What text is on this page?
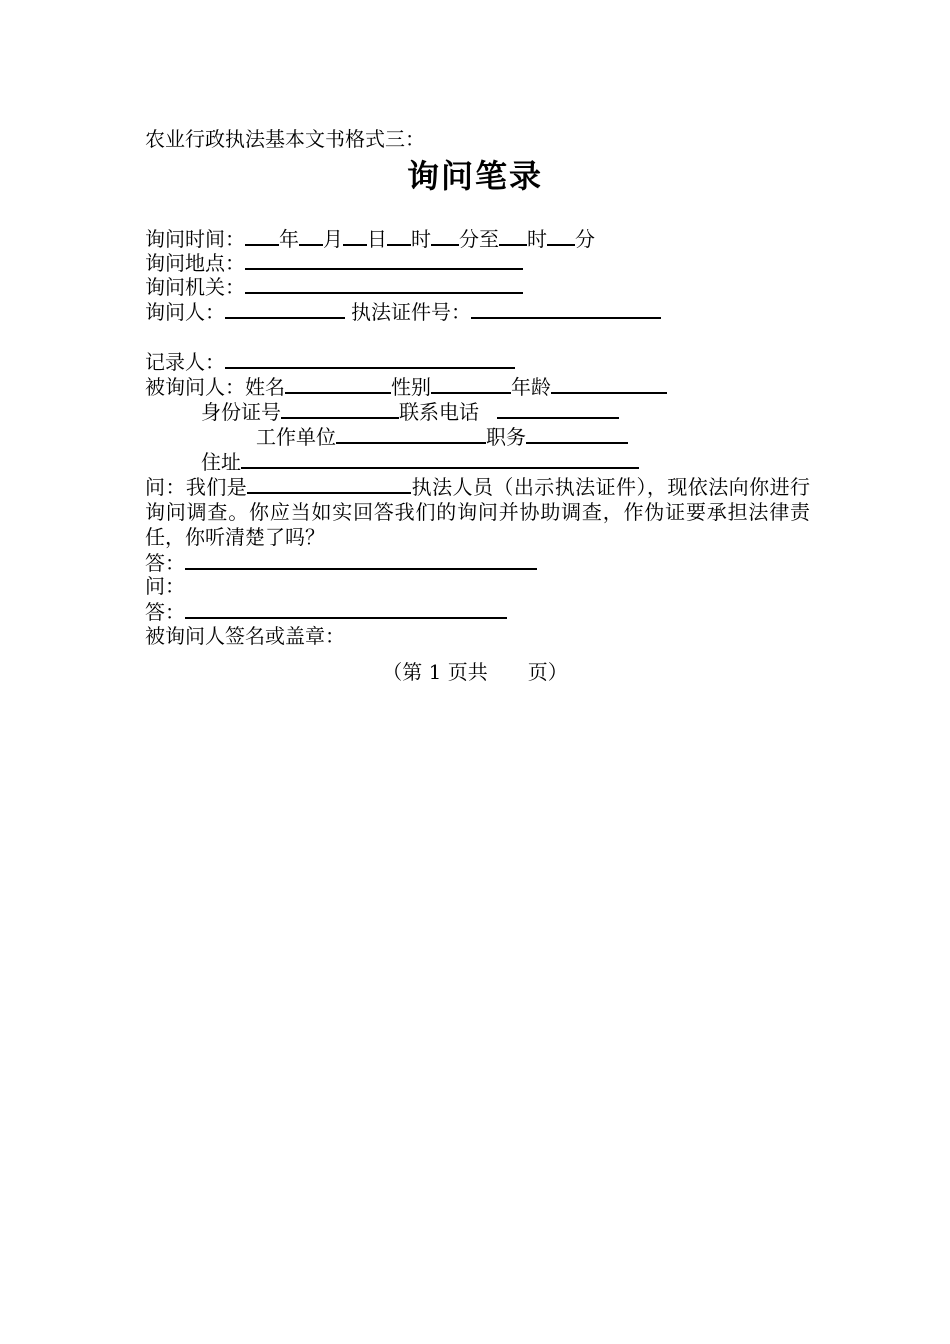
农业行政执法基本文书格式三：
询问笔录
询问时间： 年 月 日 时 分至 时 分
询问地点：
询问机关：
询问人：	执法证件号：
记录人：
被询问人：姓名	性别	年龄
身份证号	联系电话
工作单位	职务
住址
问：我们是	执法人员（出示执法证件），现依法向你进行询问调查。你应当如实回答我们的询问并协助调查，作伪证要承担法律责任，你听清楚了吗？
答：
问：
答：
被询问人签名或盖章：
（第 1 页共　　页）
